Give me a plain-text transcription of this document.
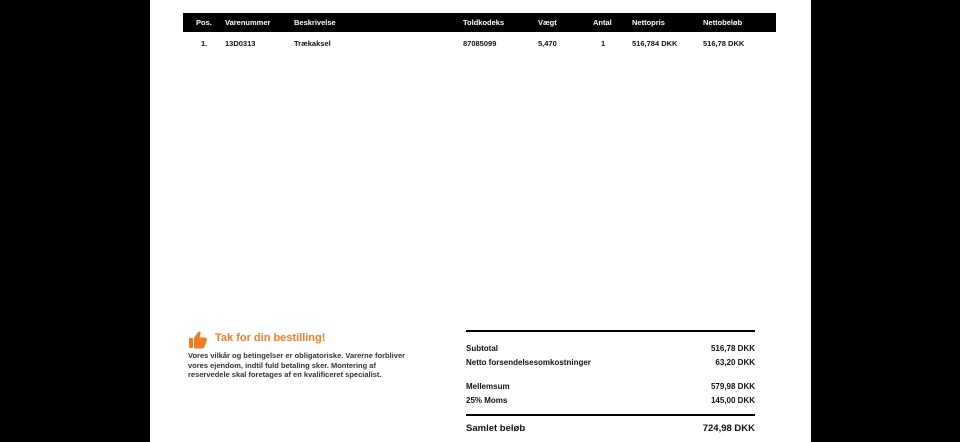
Pos. Varenummer	Beskrivelse	Toldkodeks	Vægt	Antal	Nettopris	Nettobeløb
1. 13D0313	Trækaksel	87085099	5,470	1	516,784 DKK	516,78 DKK
Tak for din bestilling!
Vores vilkår og betingelser er obligatoriske. Varerne forbliver vores ejendom, indtil fuld betaling sker. Montering af reservedele skal foretages af en kvalificeret specialist.
Subtotal	516,78 DKK
Netto forsendelsesomkostninger	63,20 DKK
Mellemsum	579,98 DKK
25% Moms	145,00 DKK
Samlet beløb	724,98 DKK
